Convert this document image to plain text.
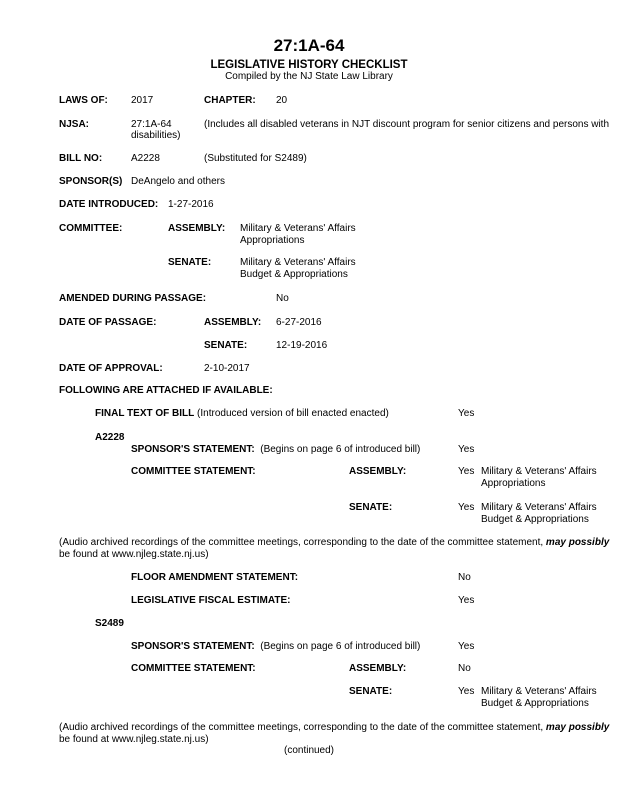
27:1A-64
LEGISLATIVE HISTORY CHECKLIST
Compiled by the NJ State Law Library
LAWS OF: 2017	CHAPTER: 20
NJSA:	27:1A-64	(Includes all disabled veterans in NJT discount program for senior citizens and persons with
disabilities)
BILL NO:	A2228	(Substituted for S2489)
SPONSOR(S) DeAngelo and others
DATE INTRODUCED: 1-27-2016
COMMITTEE:	ASSEMBLY: Military & Veterans' Affairs
Appropriations
SENATE:	Military & Veterans' Affairs
Budget & Appropriations
AMENDED DURING PASSAGE:	No
DATE OF PASSAGE:	ASSEMBLY: 6-27-2016
SENATE:	12-19-2016
DATE OF APPROVAL:	2-10-2017
FOLLOWING ARE ATTACHED IF AVAILABLE:
FINAL TEXT OF BILL (Introduced version of bill enacted enacted)	Yes
A2228
SPONSOR'S STATEMENT: (Begins on page 6 of introduced bill)	Yes
COMMITTEE STATEMENT:	ASSEMBLY:	Yes Military & Veterans' Affairs
Appropriations
SENATE:	Yes Military & Veterans' Affairs
Budget & Appropriations
(Audio archived recordings of the committee meetings, corresponding to the date of the committee statement, may possibly
be found at www.njleg.state.nj.us)
FLOOR AMENDMENT STATEMENT:	No
LEGISLATIVE FISCAL ESTIMATE:	Yes
S2489
SPONSOR'S STATEMENT: (Begins on page 6 of introduced bill)	Yes
COMMITTEE STATEMENT:	ASSEMBLY:	No
SENATE:	Yes Military & Veterans' Affairs
Budget & Appropriations
(Audio archived recordings of the committee meetings, corresponding to the date of the committee statement, may possibly
be found at www.njleg.state.nj.us)
(continued)
